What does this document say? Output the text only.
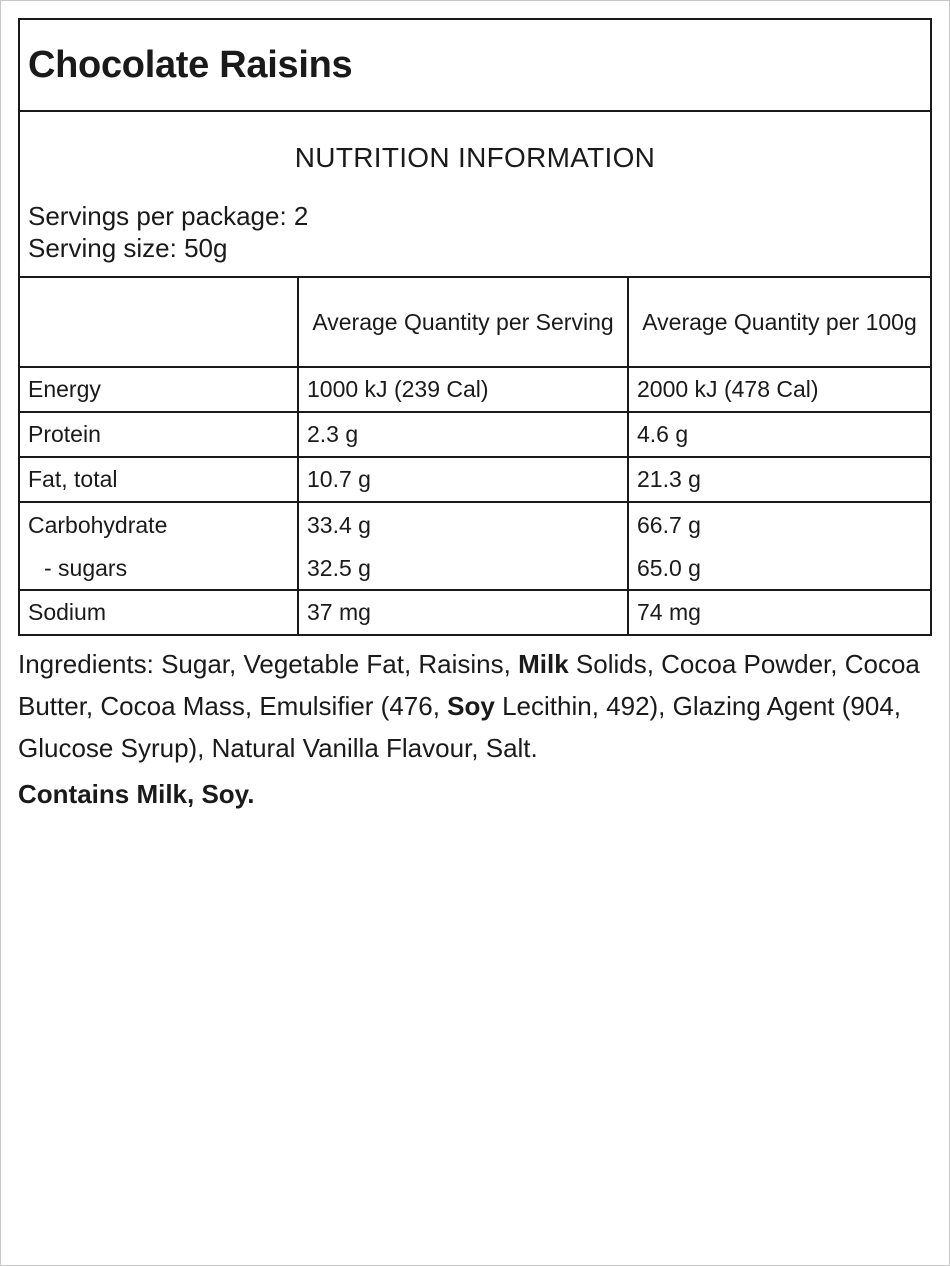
Chocolate Raisins
NUTRITION INFORMATION
Servings per package: 2
Serving size: 50g
	Average Quantity per Serving	Average Quantity per 100g
Energy	1000 kJ (239 Cal)	2000 kJ (478 Cal)
Protein	2.3 g	4.6 g
Fat, total	10.7 g	21.3 g
Carbohydrate	33.4 g	66.7 g
- sugars	32.5 g	65.0 g
Sodium	37 mg	74 mg
Ingredients: Sugar, Vegetable Fat, Raisins, Milk Solids, Cocoa Powder, Cocoa Butter, Cocoa Mass, Emulsifier (476, Soy Lecithin, 492), Glazing Agent (904, Glucose Syrup), Natural Vanilla Flavour, Salt.
Contains Milk, Soy.
